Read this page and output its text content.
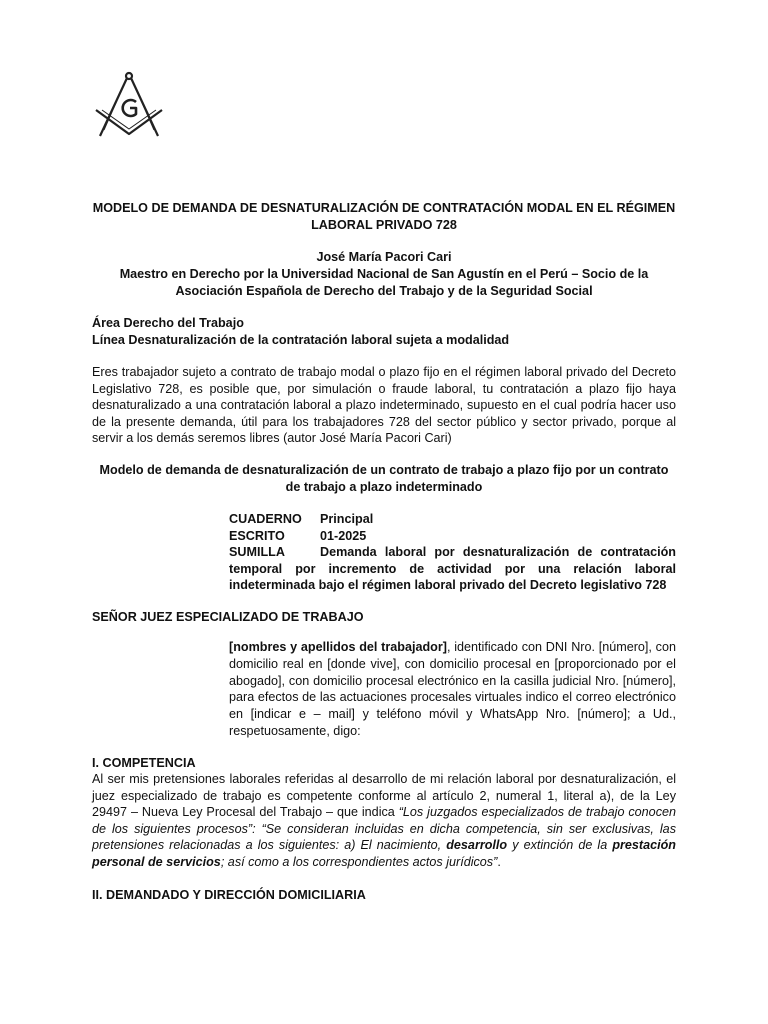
MODELO DE DEMANDA DE DESNATURALIZACIÓN DE CONTRATACIÓN MODAL EN EL RÉGIMEN LABORAL PRIVADO 728
José María Pacori Cari
Maestro en Derecho por la Universidad Nacional de San Agustín en el Perú – Socio de la Asociación Española de Derecho del Trabajo y de la Seguridad Social
Área Derecho del Trabajo
Línea Desnaturalización de la contratación laboral sujeta a modalidad
Eres trabajador sujeto a contrato de trabajo modal o plazo fijo en el régimen laboral privado del Decreto Legislativo 728, es posible que, por simulación o fraude laboral, tu contratación a plazo fijo haya desnaturalizado a una contratación laboral a plazo indeterminado, supuesto en el cual podría hacer uso de la presente demanda, útil para los trabajadores 728 del sector público y sector privado, porque al servir a los demás seremos libres (autor José María Pacori Cari)
Modelo de demanda de desnaturalización de un contrato de trabajo a plazo fijo por un contrato de trabajo a plazo indeterminado
CUADERNO Principal
ESCRITO	01-2025
SUMILLA	Demanda laboral por desnaturalización de contratación temporal por incremento de actividad por una relación laboral indeterminada bajo el régimen laboral privado del Decreto legislativo 728
SEÑOR JUEZ ESPECIALIZADO DE TRABAJO
[nombres y apellidos del trabajador], identificado con DNI Nro. [número], con domicilio real en [donde vive], con domicilio procesal en [proporcionado por el abogado], con domicilio procesal electrónico en la casilla judicial Nro. [número], para efectos de las actuaciones procesales virtuales indico el correo electrónico en [indicar e – mail] y teléfono móvil y WhatsApp Nro. [número]; a Ud., respetuosamente, digo:
I. COMPETENCIA
Al ser mis pretensiones laborales referidas al desarrollo de mi relación laboral por desnaturalización, el juez especializado de trabajo es competente conforme al artículo 2, numeral 1, literal a), de la Ley 29497 – Nueva Ley Procesal del Trabajo – que indica “Los juzgados especializados de trabajo conocen de los siguientes procesos”: “Se consideran incluidas en dicha competencia, sin ser exclusivas, las pretensiones relacionadas a los siguientes: a) El nacimiento, desarrollo y extinción de la prestación personal de servicios; así como a los correspondientes actos jurídicos”.
II. DEMANDADO Y DIRECCIÓN DOMICILIARIA
